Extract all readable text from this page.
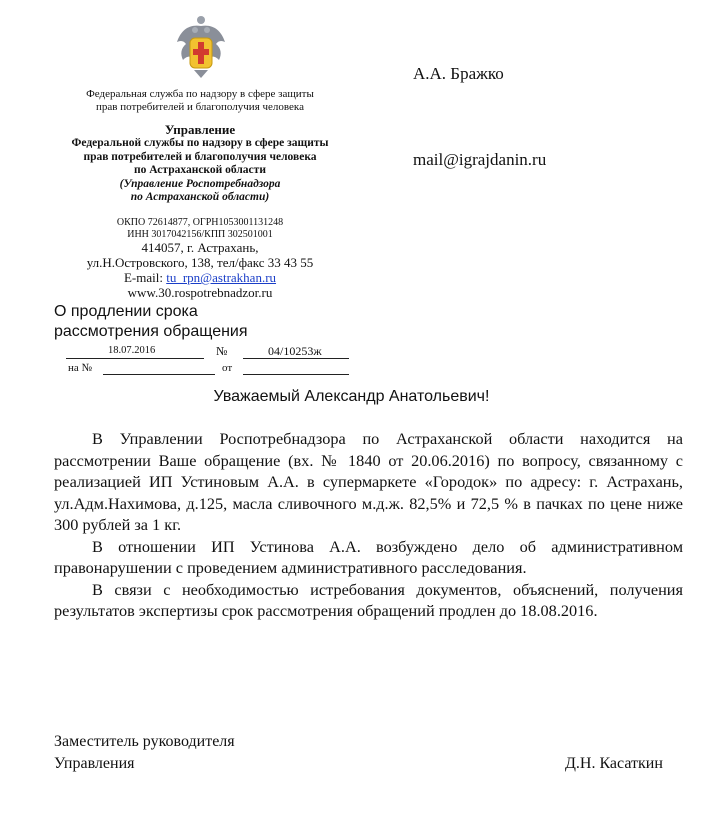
Федеральная служба по надзору в сфере защиты
прав потребителей и благополучия человека
Управление
Федеральной службы по надзору в сфере защиты
прав потребителей и благополучия человека
по Астраханской области
(Управление Роспотребнадзора
по Астраханской области)
ОКПО 72614877, ОГРН1053001131248
ИНН 3017042156/КПП 302501001
414057, г. Астрахань,
ул.Н.Островского, 138, тел/факс 33 43 55
E-mail: tu_rpn@astrakhan.ru
www.30.rospotrebnadzor.ru
О продлении срока
рассмотрения обращения
18.07.2016	№	04/10253ж
на №	от
А.А. Бражко
mail@igrajdanin.ru
Уважаемый Александр Анатольевич!

В Управлении Роспотребнадзора по Астраханской области находится на рассмотрении Ваше обращение (вх. № 1840 от 20.06.2016) по вопросу, связанному с реализацией ИП Устиновым А.А. в супермаркете «Городок» по адресу: г. Астрахань, ул.Адм.Нахимова, д.125, масла сливочного м.д.ж. 82,5% и 72,5 % в пачках по цене ниже 300 рублей за 1 кг.

В отношении ИП Устинова А.А. возбуждено дело об административном правонарушении с проведением административного расследования.

В связи с необходимостью истребования документов, объяснений, получения результатов экспертизы срок рассмотрения обращений продлен до 18.08.2016.

Заместитель руководителя
Управления	Д.Н. Касаткин
